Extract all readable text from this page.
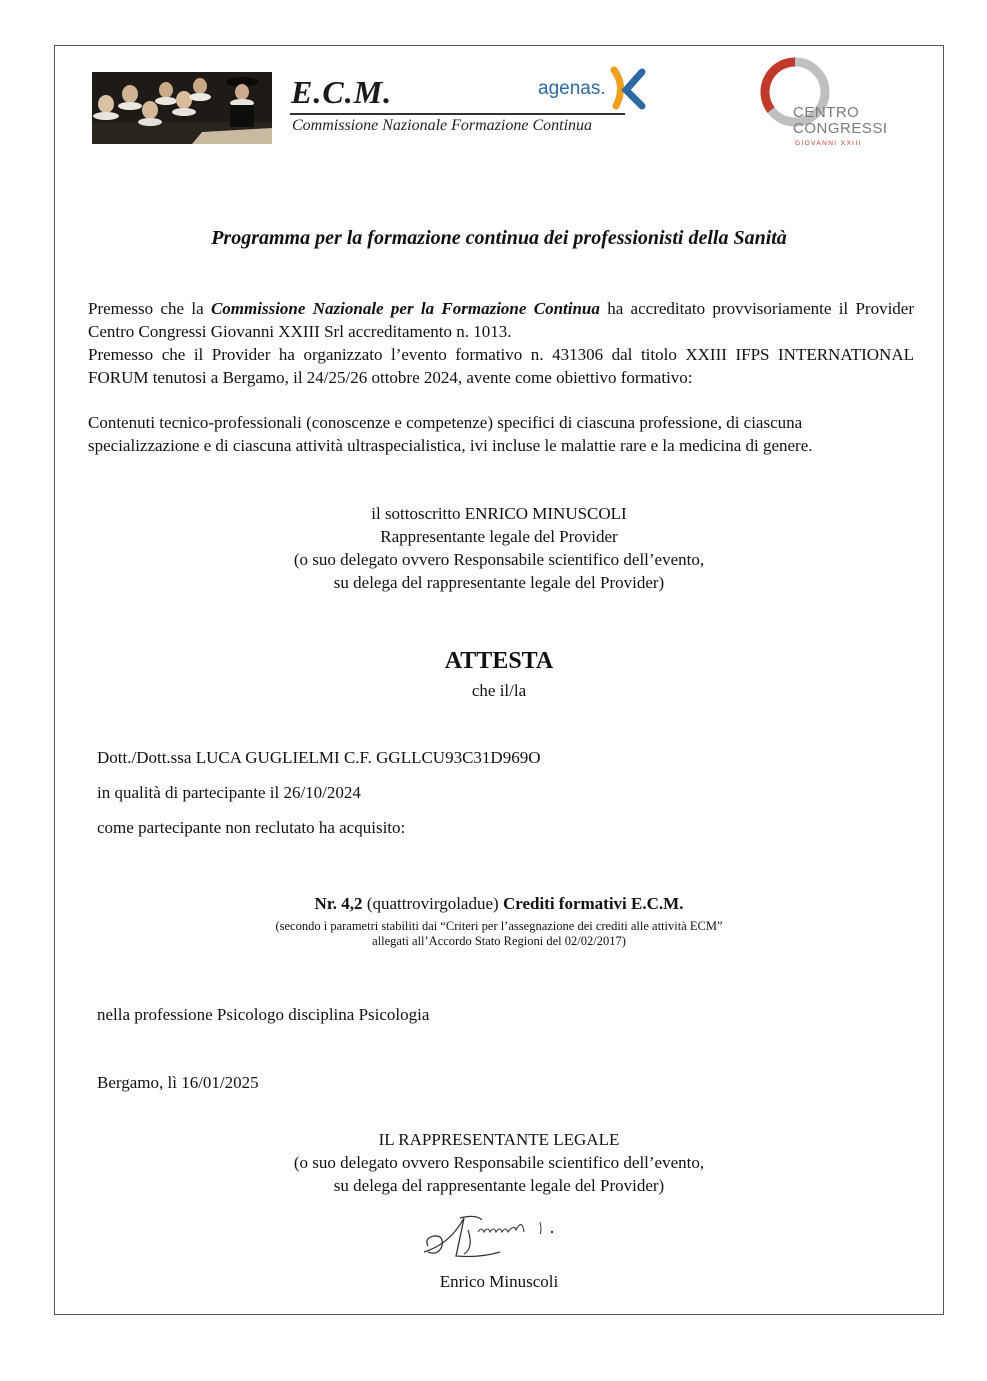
E.C.M.
Commissione Nazionale Formazione Continua
agenas.
CENTRO
CONGRESSI
GIOVANNI XXIII
Programma per la formazione continua dei professionisti della Sanità
Premesso che la Commissione Nazionale per la Formazione Continua ha accreditato provvisoriamente il Provider Centro Congressi Giovanni XXIII Srl accreditamento n. 1013.
Premesso che il Provider ha organizzato l’evento formativo n. 431306 dal titolo XXIII IFPS INTERNATIONAL FORUM tenutosi a Bergamo, il 24/25/26 ottobre 2024, avente come obiettivo formativo:
Contenuti tecnico-professionali (conoscenze e competenze) specifici di ciascuna professione, di ciascuna specializzazione e di ciascuna attività ultraspecialistica, ivi incluse le malattie rare e la medicina di genere.
il sottoscritto ENRICO MINUSCOLI
Rappresentante legale del Provider
(o suo delegato ovvero Responsabile scientifico dell’evento,
su delega del rappresentante legale del Provider)
ATTESTA
che il/la
Dott./Dott.ssa LUCA GUGLIELMI C.F. GGLLCU93C31D969O
in qualità di partecipante il 26/10/2024
come partecipante non reclutato ha acquisito:
Nr. 4,2 (quattrovirgoladue) Crediti formativi E.C.M.
(secondo i parametri stabiliti dai “Criteri per l’assegnazione dei crediti alle attività ECM”
allegati all’Accordo Stato Regioni del 02/02/2017)
nella professione Psicologo disciplina Psicologia
Bergamo, lì 16/01/2025
IL RAPPRESENTANTE LEGALE
(o suo delegato ovvero Responsabile scientifico dell’evento,
su delega del rappresentante legale del Provider)
Enrico Minuscoli
